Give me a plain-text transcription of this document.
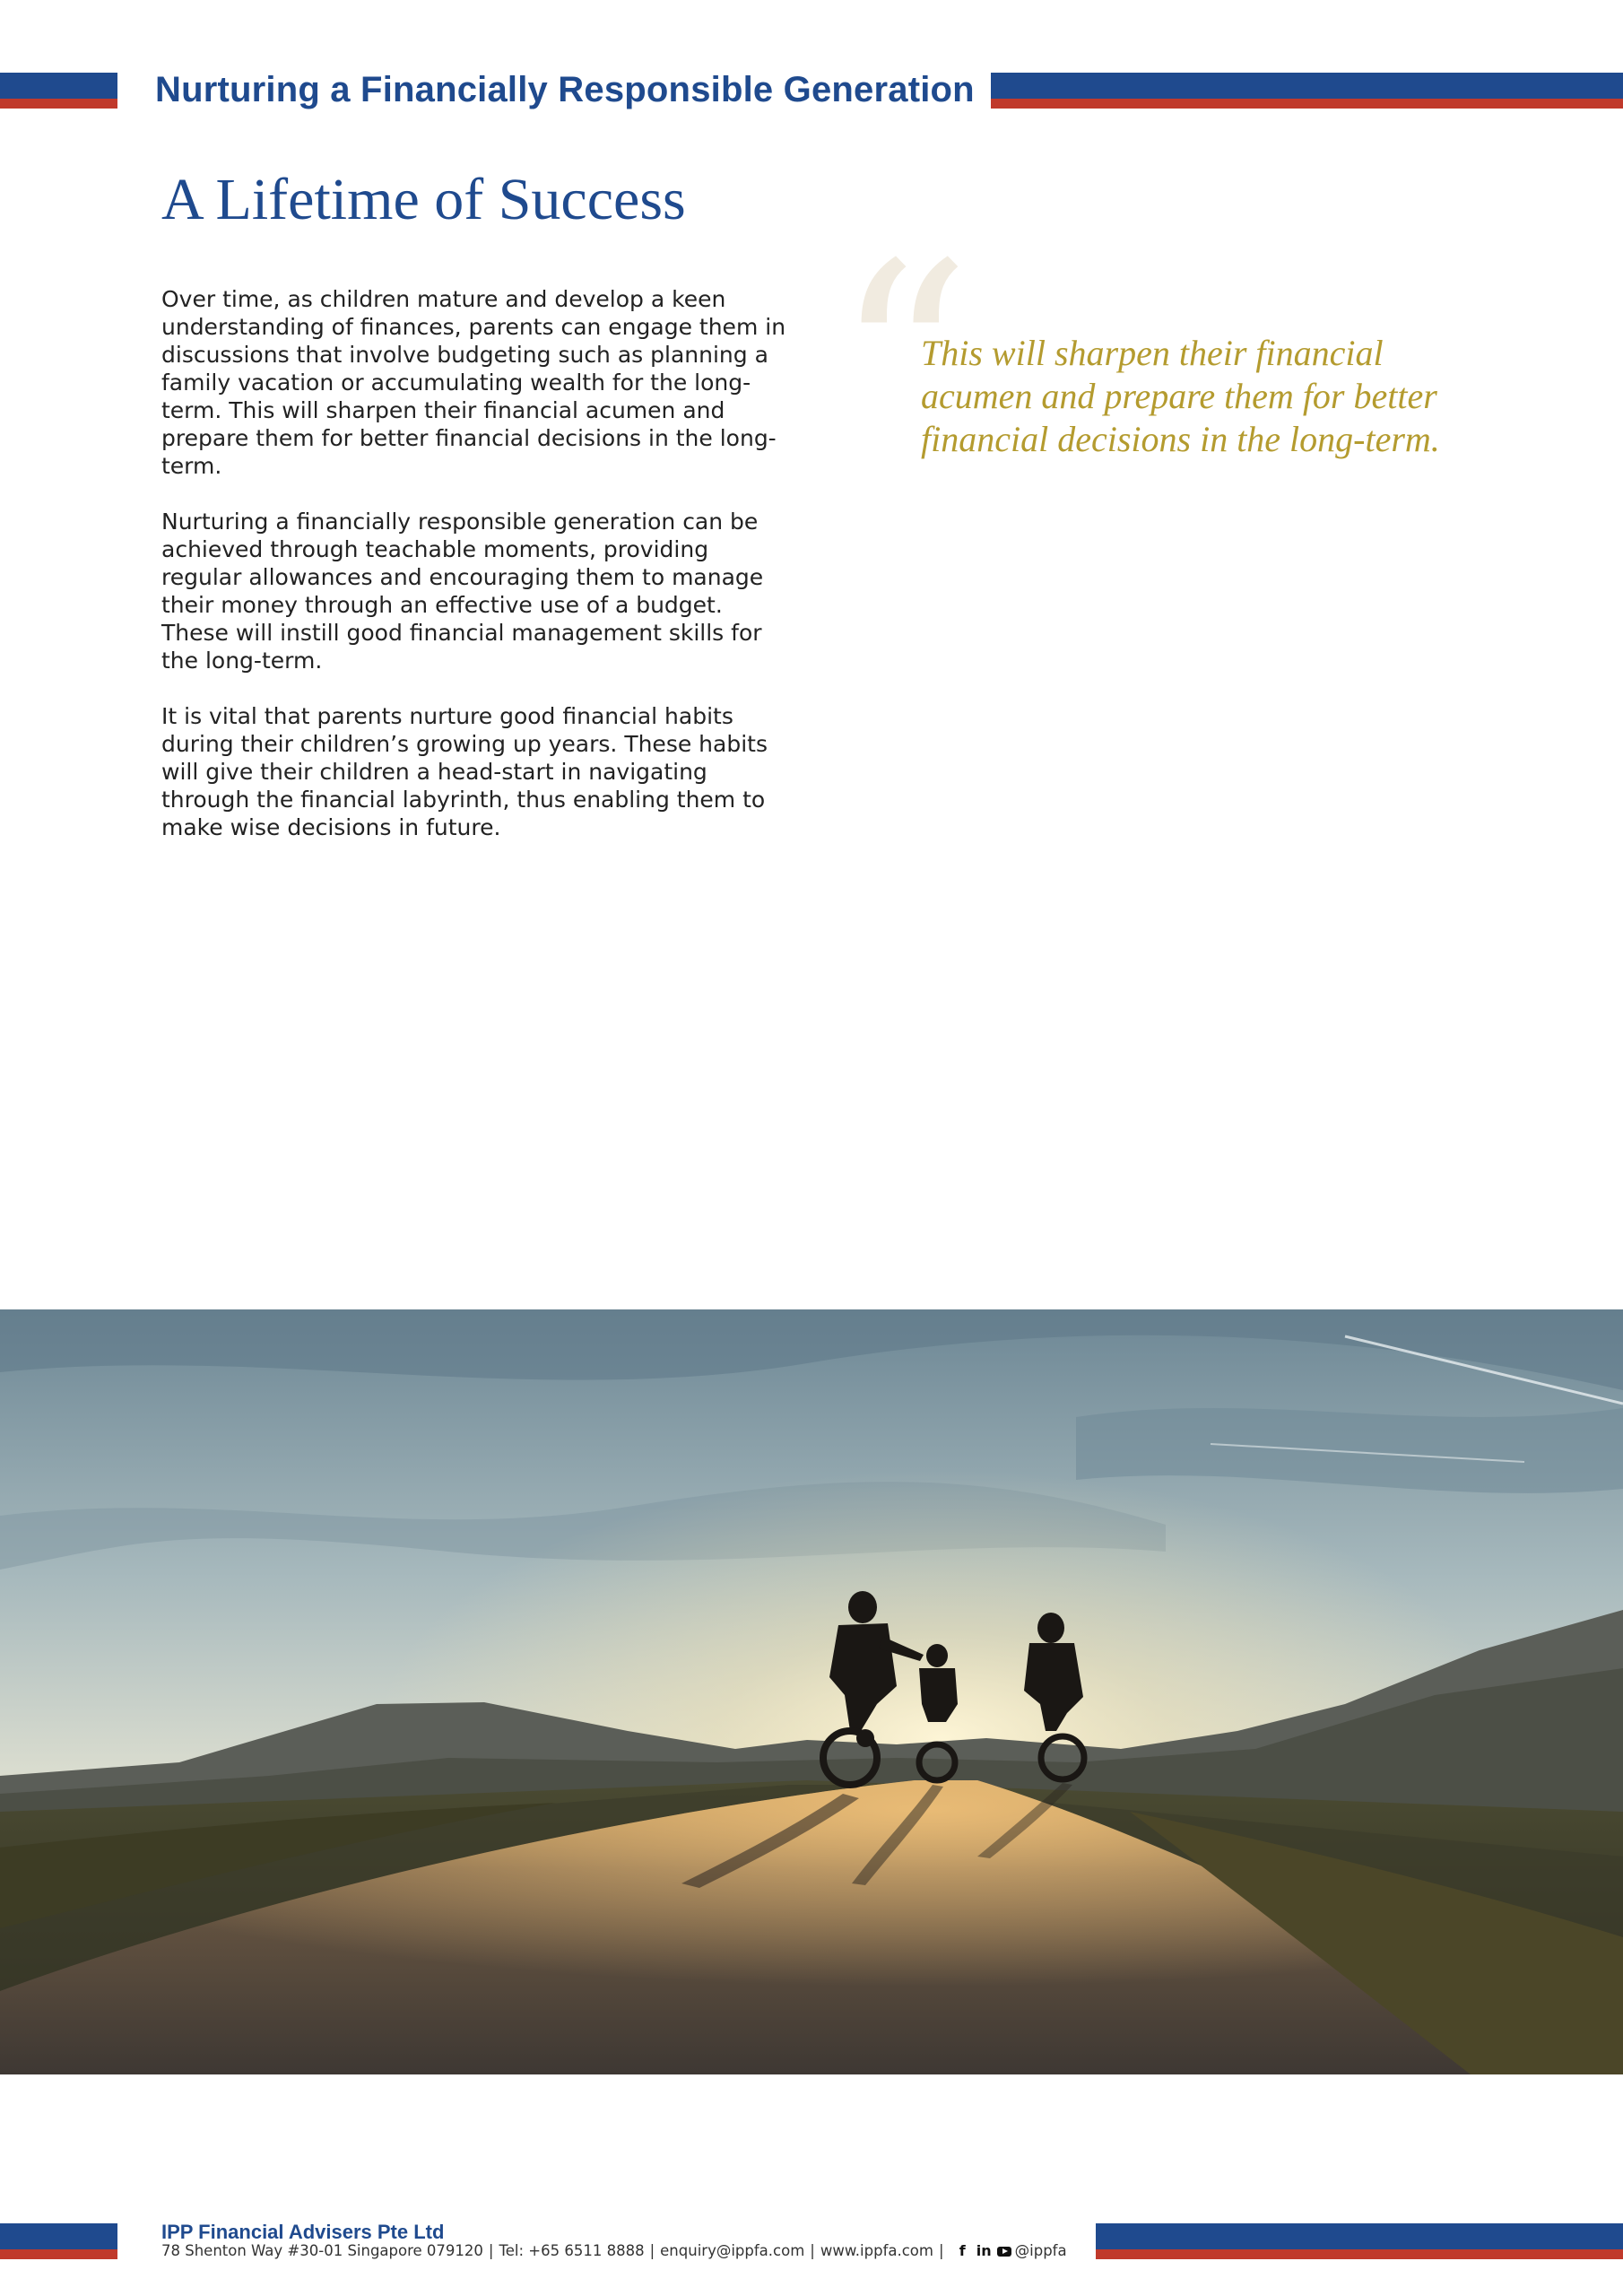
Nurturing a Financially Responsible Generation
A Lifetime of Success

Over time, as children mature and develop a keen understanding of finances, parents can engage them in discussions that involve budgeting such as planning a family vacation or accumulating wealth for the long-term. This will sharpen their financial acumen and prepare them for better financial decisions in the long-term.

Nurturing a financially responsible generation can be achieved through teachable moments, providing regular allowances and encouraging them to manage their money through an effective use of a budget. These will instill good financial management skills for the long-term.

It is vital that parents nurture good financial habits during their children’s growing up years. These habits will give their children a head-start in navigating through the financial labyrinth, thus enabling them to make wise decisions in future.

“
This will sharpen their financial acumen and prepare them for better financial decisions in the long-term.
IPP Financial Advisers Pte Ltd
78 Shenton Way #30-01 Singapore 079120 | Tel: +65 6511 8888 | enquiry@ippfa.com | www.ippfa.com | f in @ippfa
